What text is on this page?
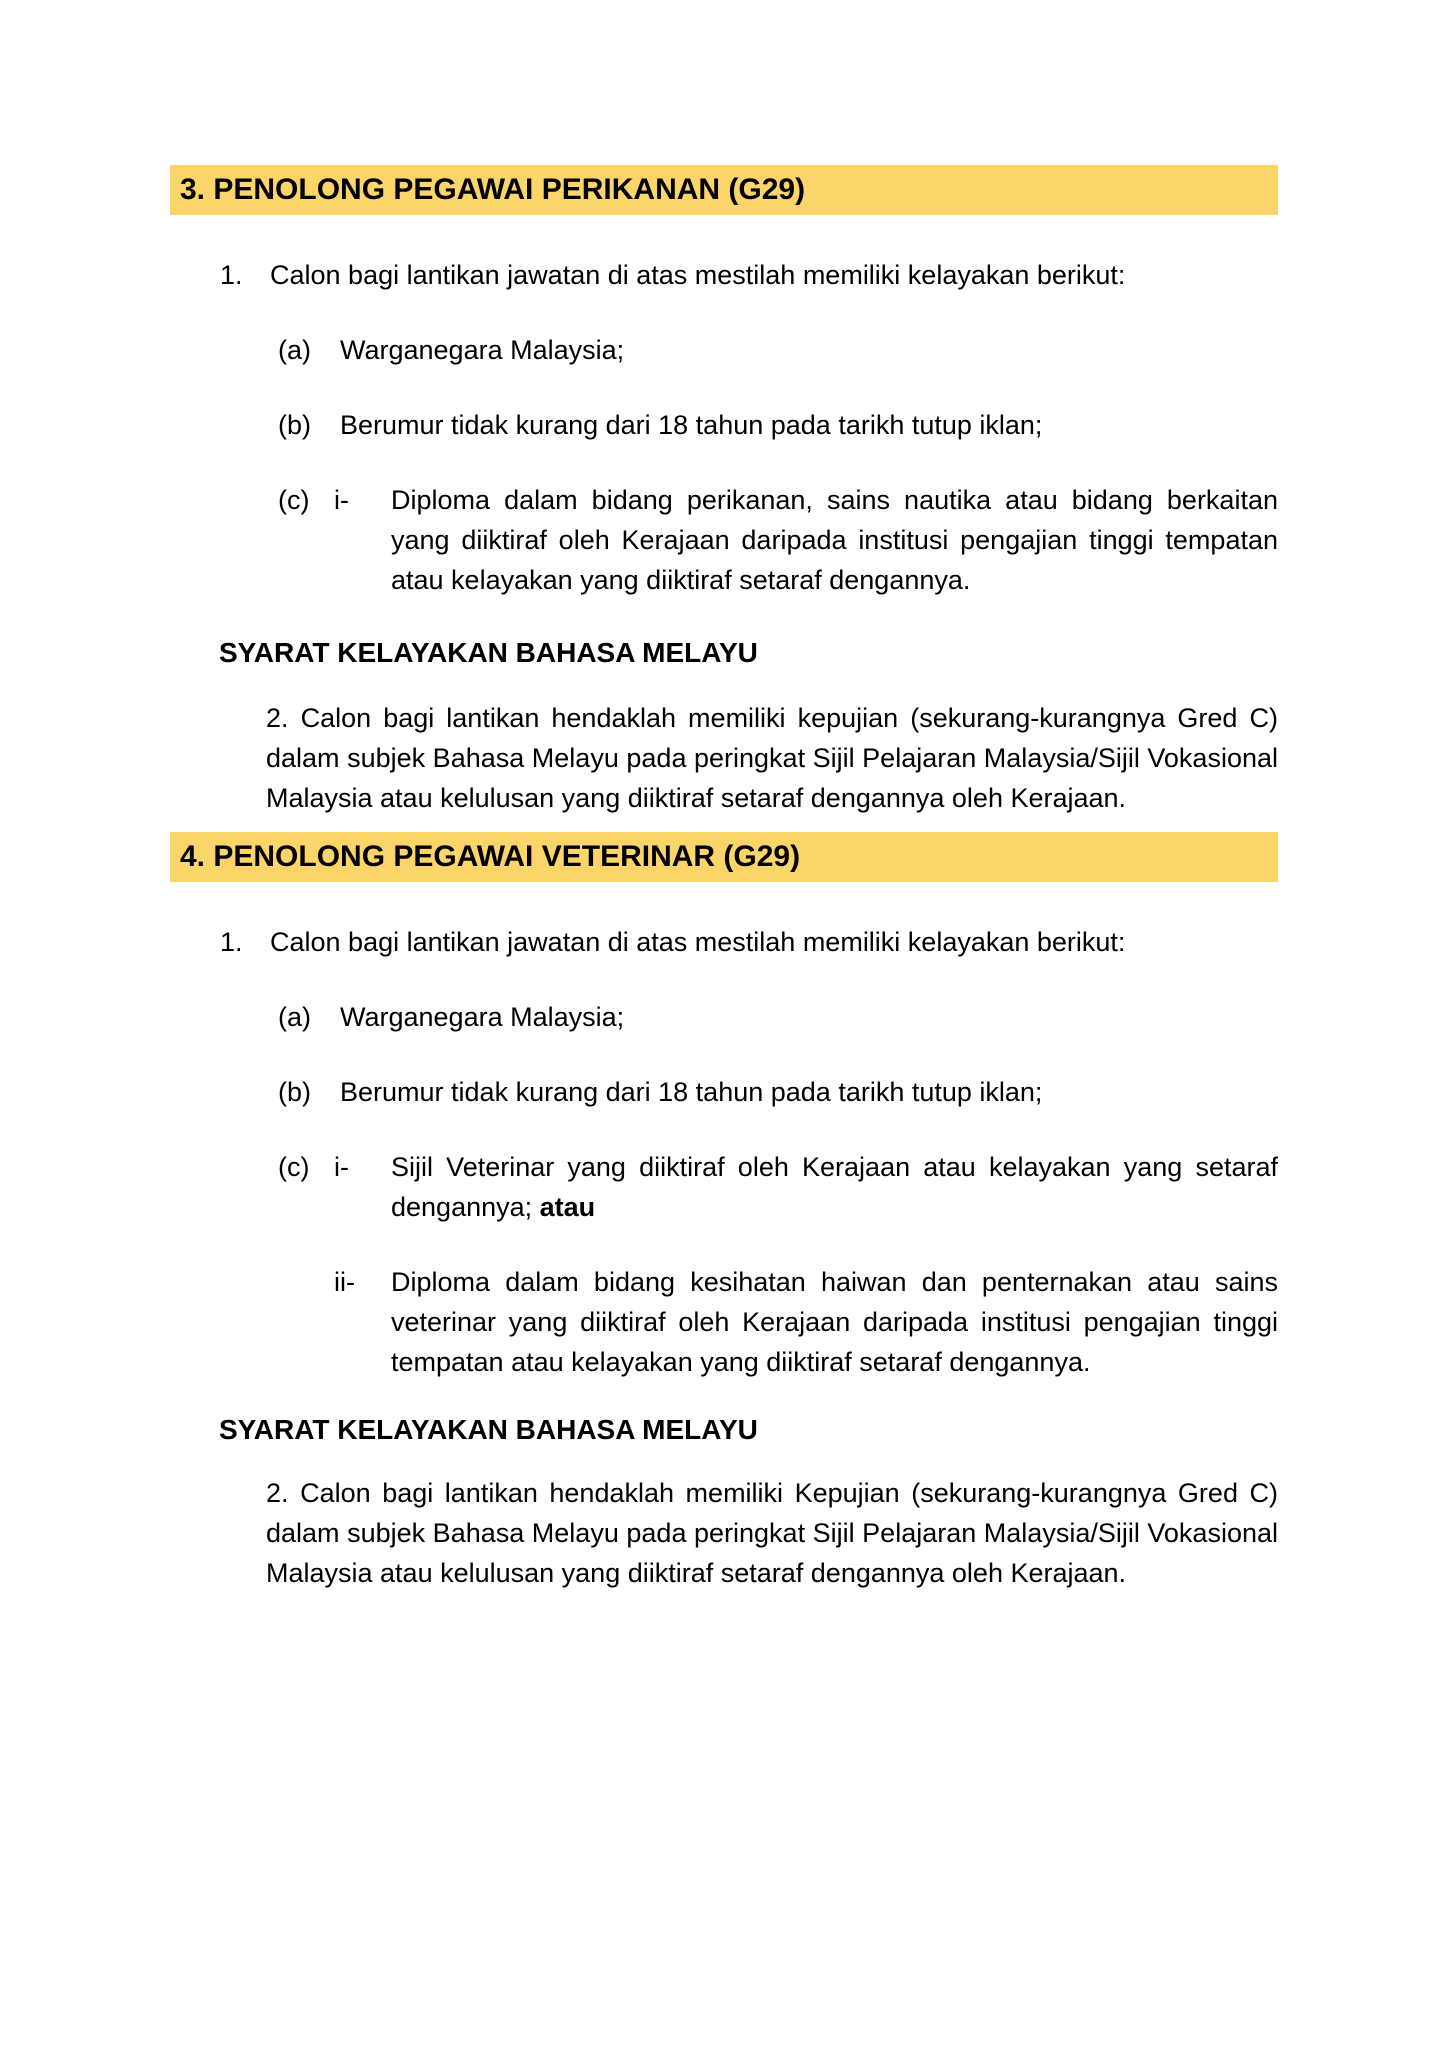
3. PENOLONG PEGAWAI PERIKANAN (G29)
1.	Calon bagi lantikan jawatan di atas mestilah memiliki kelayakan berikut:
(a)	Warganegara Malaysia;
(b)	Berumur tidak kurang dari 18 tahun pada tarikh tutup iklan;
(c) i-	Diploma dalam bidang perikanan, sains nautika atau bidang berkaitan yang diiktiraf oleh Kerajaan daripada institusi pengajian tinggi tempatan atau kelayakan yang diiktiraf setaraf dengannya.
SYARAT KELAYAKAN BAHASA MELAYU

2. Calon bagi lantikan hendaklah memiliki kepujian (sekurang-kurangnya Gred C) dalam subjek Bahasa Melayu pada peringkat Sijil Pelajaran Malaysia/Sijil Vokasional Malaysia atau kelulusan yang diiktiraf setaraf dengannya oleh Kerajaan.

4. PENOLONG PEGAWAI VETERINAR (G29)
1.	Calon bagi lantikan jawatan di atas mestilah memiliki kelayakan berikut:
(a)	Warganegara Malaysia;
(b)	Berumur tidak kurang dari 18 tahun pada tarikh tutup iklan;
(c) i-	Sijil Veterinar yang diiktiraf oleh Kerajaan atau kelayakan yang setaraf dengannya; atau
ii-	Diploma dalam bidang kesihatan haiwan dan penternakan atau sains veterinar yang diiktiraf oleh Kerajaan daripada institusi pengajian tinggi tempatan atau kelayakan yang diiktiraf setaraf dengannya.
SYARAT KELAYAKAN BAHASA MELAYU

2. Calon bagi lantikan hendaklah memiliki Kepujian (sekurang-kurangnya Gred C) dalam subjek Bahasa Melayu pada peringkat Sijil Pelajaran Malaysia/Sijil Vokasional Malaysia atau kelulusan yang diiktiraf setaraf dengannya oleh Kerajaan.
